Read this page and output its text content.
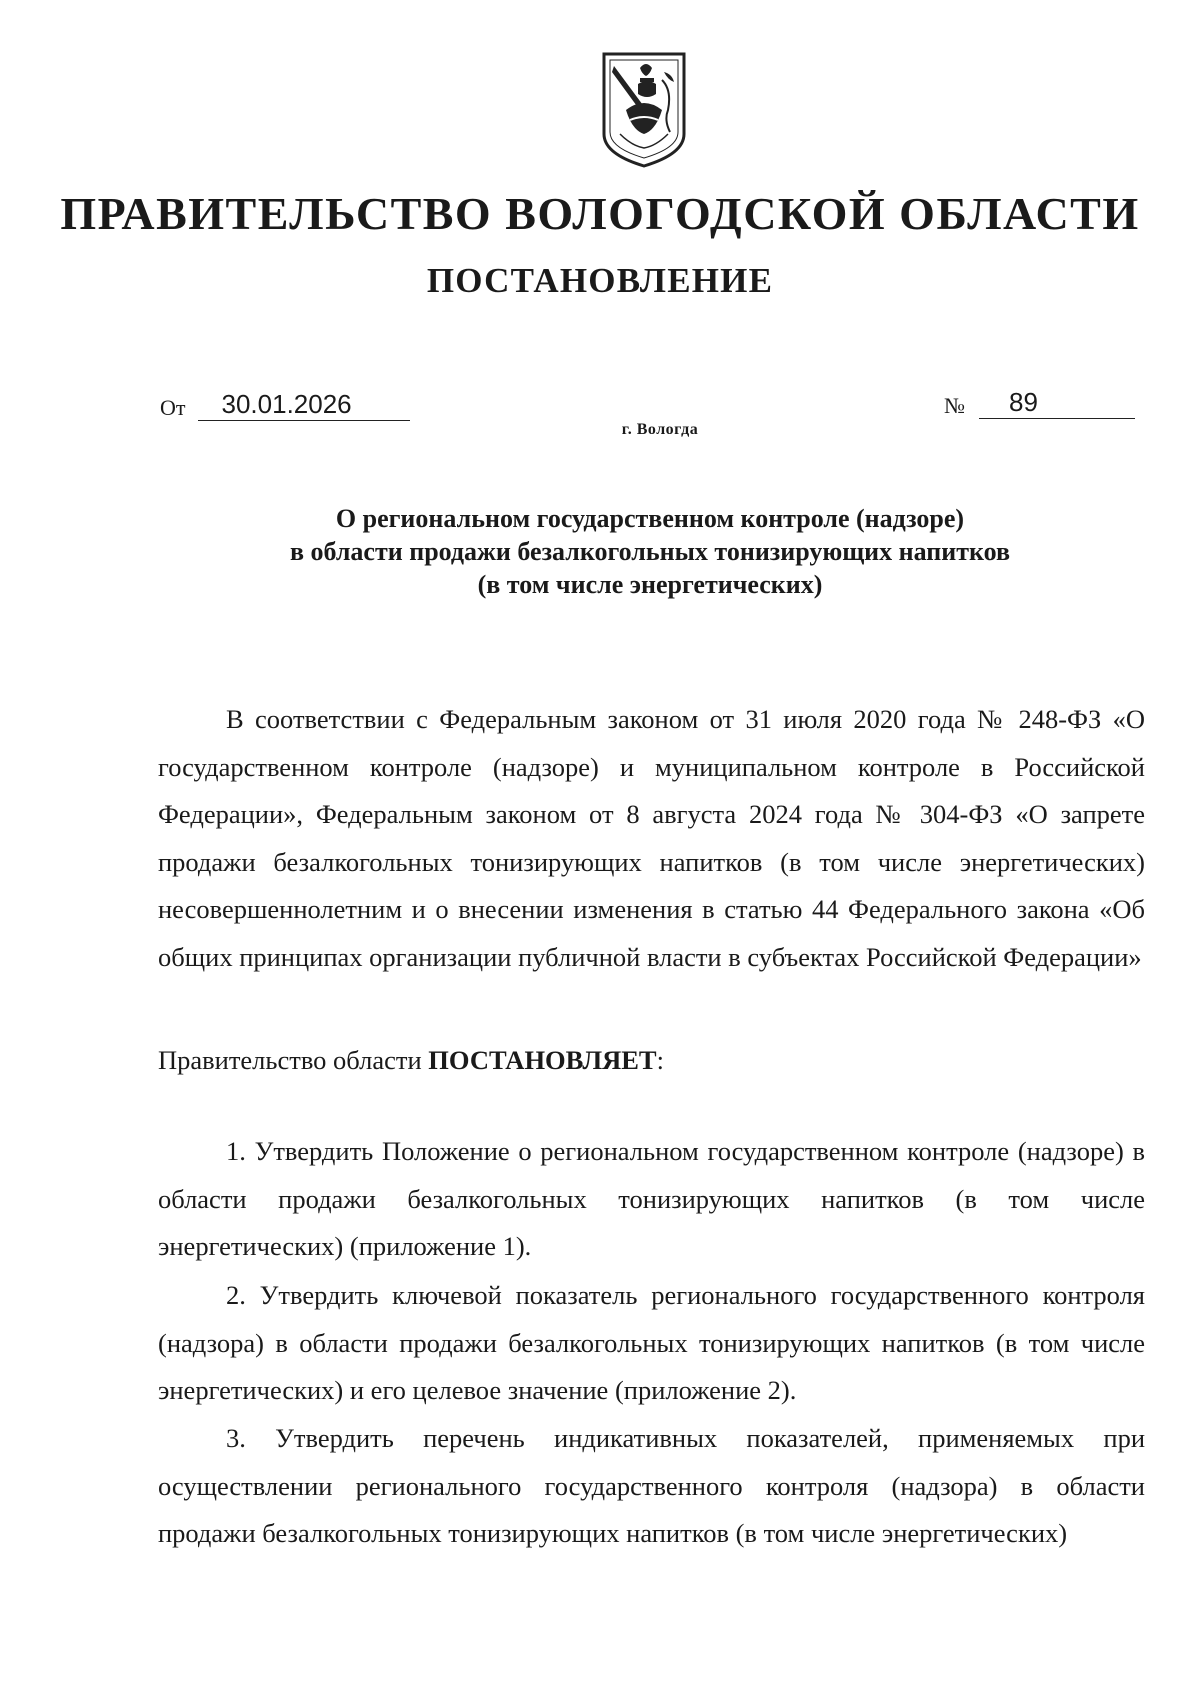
ПРАВИТЕЛЬСТВО ВОЛОГОДСКОЙ ОБЛАСТИ
ПОСТАНОВЛЕНИЕ
От	30.01.2026	№	89
г. Вологда
О региональном государственном контроле (надзоре)
в области продажи безалкогольных тонизирующих напитков
(в том числе энергетических)

В соответствии с Федеральным законом от 31 июля 2020 года № 248-ФЗ «О государственном контроле (надзоре) и муниципальном контроле в Российской Федерации», Федеральным законом от 8 августа 2024 года № 304-ФЗ «О запрете продажи безалкогольных тонизирующих напитков (в том числе энергетических) несовершеннолетним и о внесении изменения в статью 44 Федерального закона «Об общих принципах организации публичной власти в субъектах Российской Федерации»

Правительство области ПОСТАНОВЛЯЕТ:

1. Утвердить Положение о региональном государственном контроле (надзоре) в области продажи безалкогольных тонизирующих напитков (в том числе энергетических) (приложение 1).

2. Утвердить ключевой показатель регионального государственного контроля (надзора) в области продажи безалкогольных тонизирующих напитков (в том числе энергетических) и его целевое значение (приложение 2).

3. Утвердить перечень индикативных показателей, применяемых при осуществлении регионального государственного контроля (надзора) в области продажи безалкогольных тонизирующих напитков (в том числе энергетических)
